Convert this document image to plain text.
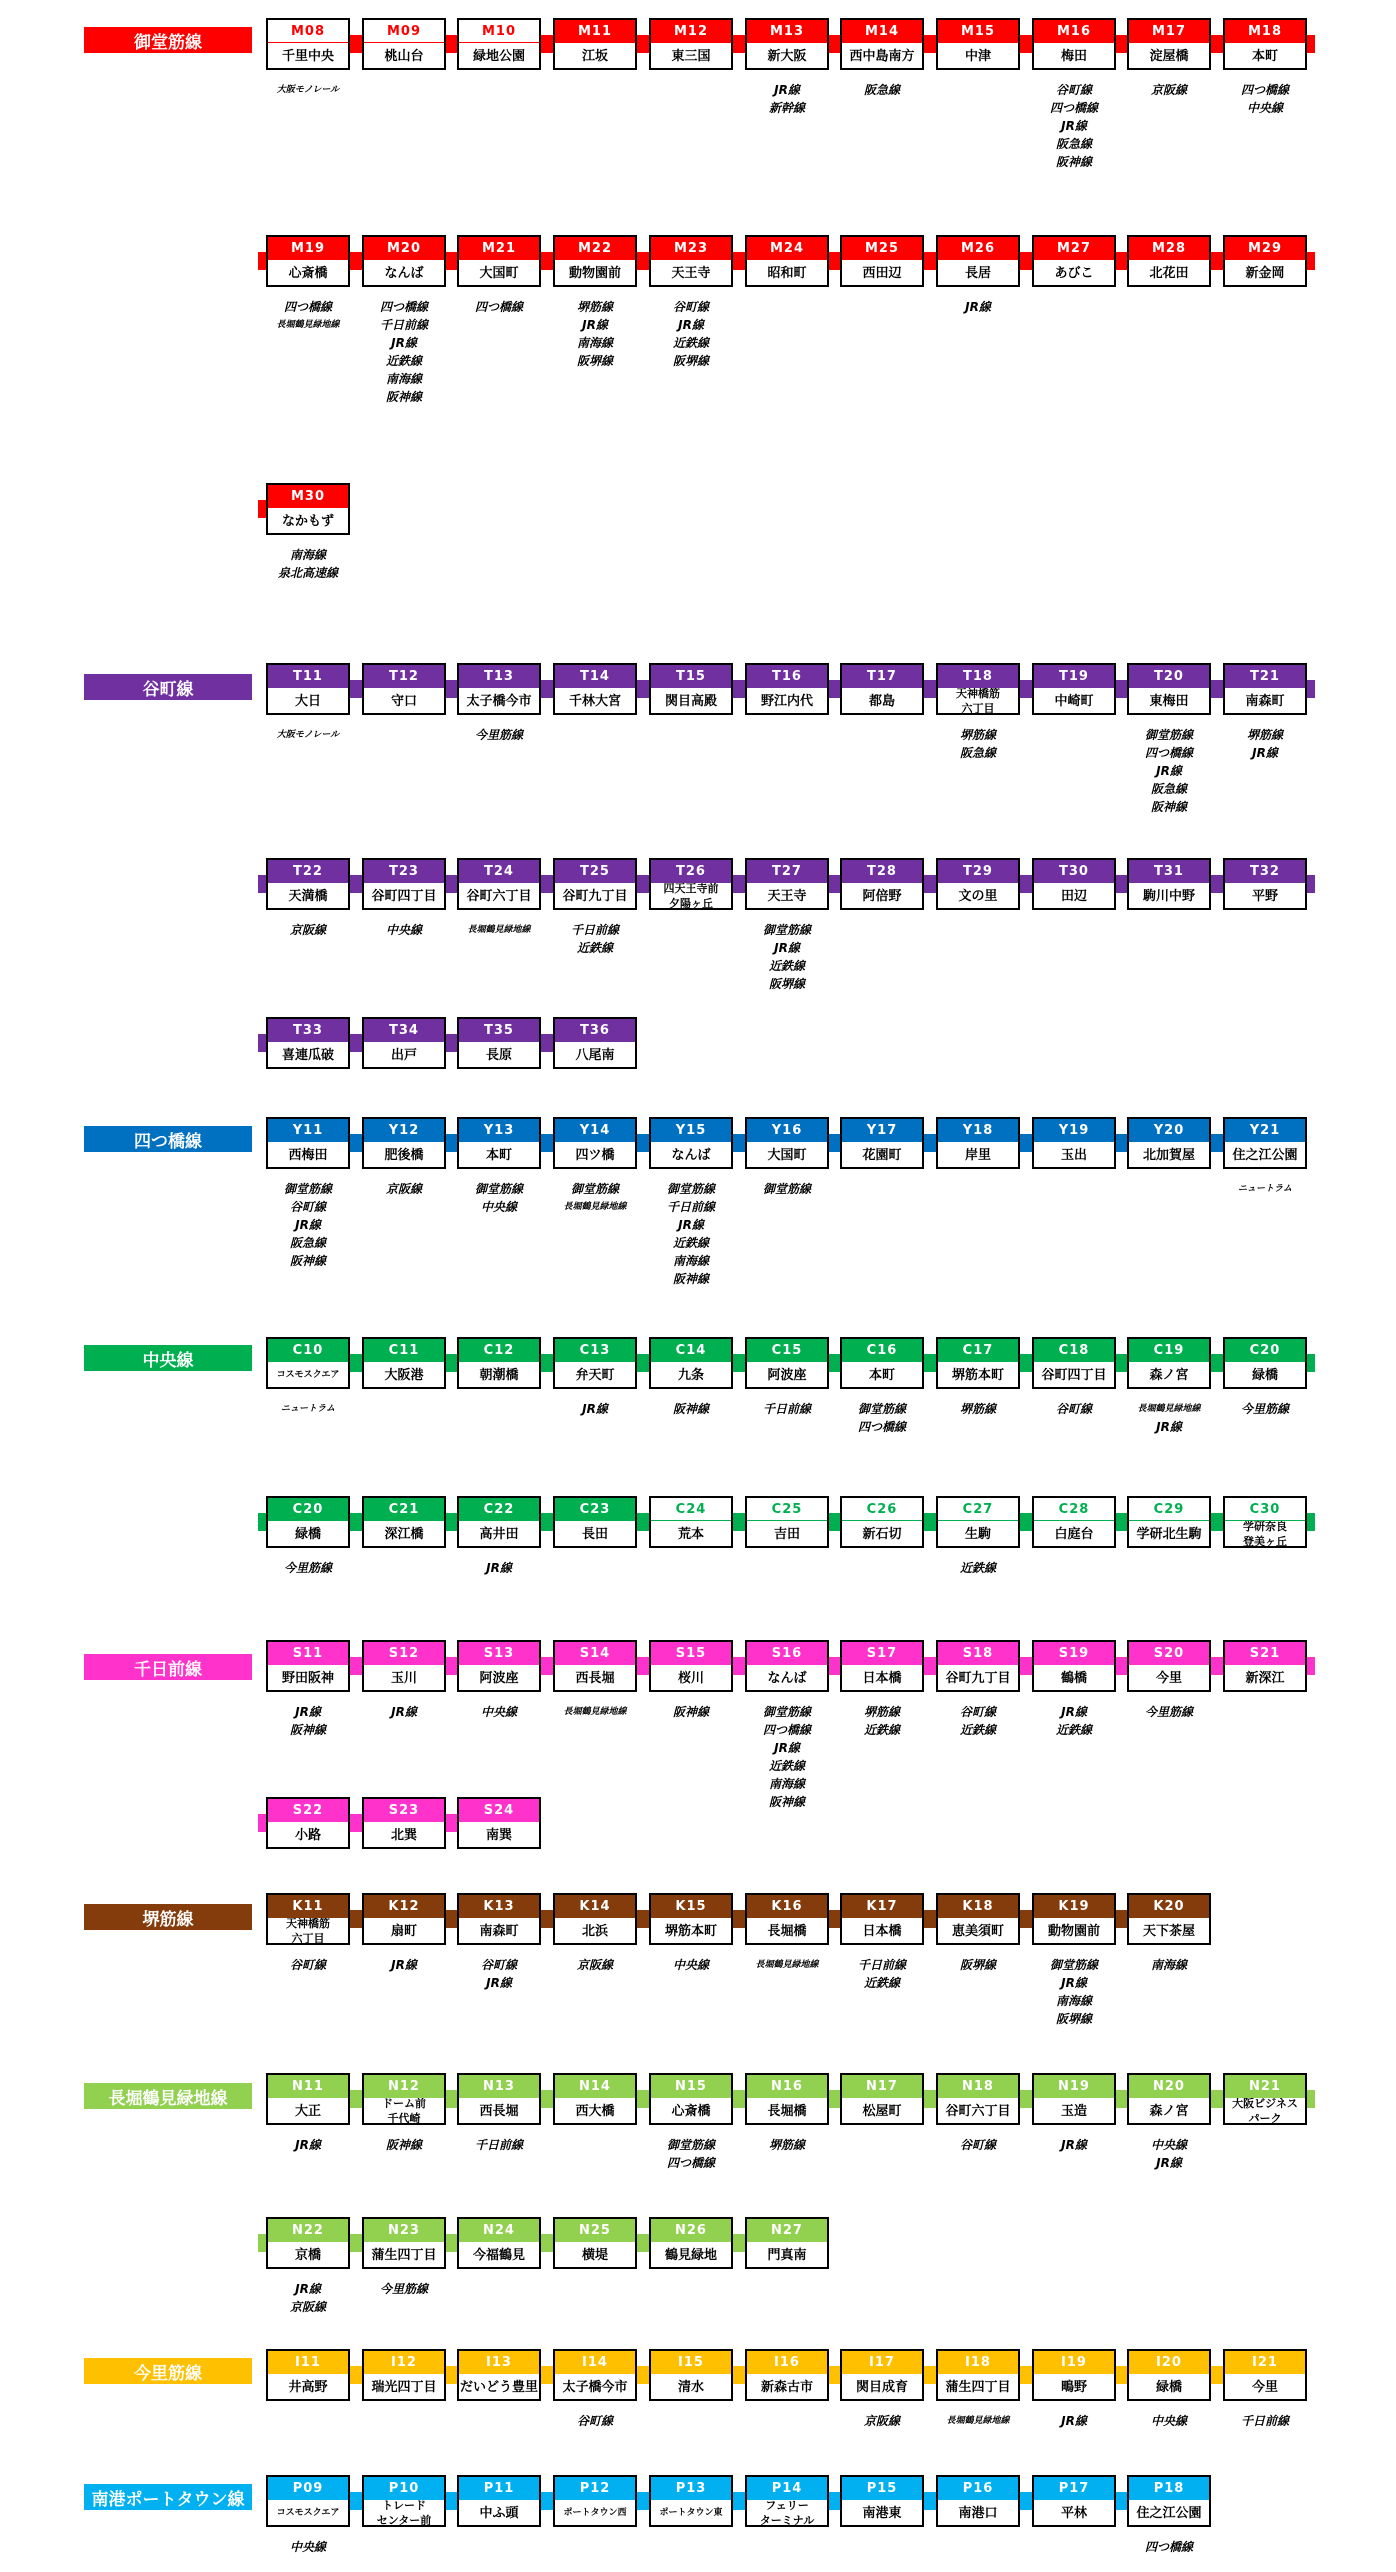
御堂筋線
M08
千里中央
大阪モノレール
M09
桃山台
M10
緑地公園
M11
江坂
M12
東三国
M13
新大阪
JR線
新幹線
M14
西中島南方
阪急線
M15
中津
M16
梅田
谷町線
四つ橋線
JR線
阪急線
阪神線
M17
淀屋橋
京阪線
M18
本町
四つ橋線
中央線
M19
心斎橋
四つ橋線
長堀鶴見緑地線
M20
なんば
四つ橋線
千日前線
JR線
近鉄線
南海線
阪神線
M21
大国町
四つ橋線
M22
動物園前
堺筋線
JR線
南海線
阪堺線
M23
天王寺
谷町線
JR線
近鉄線
阪堺線
M24
昭和町
M25
西田辺
M26
長居
JR線
M27
あびこ
M28
北花田
M29
新金岡
M30
なかもず
南海線
泉北高速線
谷町線
T11
大日
大阪モノレール
T12
守口
T13
太子橋今市
今里筋線
T14
千林大宮
T15
関目高殿
T16
野江内代
T17
都島
T18
天神橋筋
六丁目
堺筋線
阪急線
T19
中崎町
T20
東梅田
御堂筋線
四つ橋線
JR線
阪急線
阪神線
T21
南森町
堺筋線
JR線
T22
天満橋
京阪線
T23
谷町四丁目
中央線
T24
谷町六丁目
長堀鶴見緑地線
T25
谷町九丁目
千日前線
近鉄線
T26
四天王寺前
夕陽ヶ丘
T27
天王寺
御堂筋線
JR線
近鉄線
阪堺線
T28
阿倍野
T29
文の里
T30
田辺
T31
駒川中野
T32
平野
T33
喜連瓜破
T34
出戸
T35
長原
T36
八尾南
四つ橋線
Y11
西梅田
御堂筋線
谷町線
JR線
阪急線
阪神線
Y12
肥後橋
京阪線
Y13
本町
御堂筋線
中央線
Y14
四ツ橋
御堂筋線
長堀鶴見緑地線
Y15
なんば
御堂筋線
千日前線
JR線
近鉄線
南海線
阪神線
Y16
大国町
御堂筋線
Y17
花園町
Y18
岸里
Y19
玉出
Y20
北加賀屋
Y21
住之江公園
ニュートラム
中央線
C10
コスモスクエア
ニュートラム
C11
大阪港
C12
朝潮橋
C13
弁天町
JR線
C14
九条
阪神線
C15
阿波座
千日前線
C16
本町
御堂筋線
四つ橋線
C17
堺筋本町
堺筋線
C18
谷町四丁目
谷町線
C19
森ノ宮
長堀鶴見緑地線
JR線
C20
緑橋
今里筋線
C20
緑橋
今里筋線
C21
深江橋
C22
高井田
JR線
C23
長田
C24
荒本
C25
吉田
C26
新石切
C27
生駒
近鉄線
C28
白庭台
C29
学研北生駒
C30
学研奈良
登美ヶ丘
千日前線
S11
野田阪神
JR線
阪神線
S12
玉川
JR線
S13
阿波座
中央線
S14
西長堀
長堀鶴見緑地線
S15
桜川
阪神線
S16
なんば
御堂筋線
四つ橋線
JR線
近鉄線
南海線
阪神線
S17
日本橋
堺筋線
近鉄線
S18
谷町九丁目
谷町線
近鉄線
S19
鶴橋
JR線
近鉄線
S20
今里
今里筋線
S21
新深江
S22
小路
S23
北巽
S24
南巽
堺筋線
K11
天神橋筋
六丁目
谷町線
K12
扇町
JR線
K13
南森町
谷町線
JR線
K14
北浜
京阪線
K15
堺筋本町
中央線
K16
長堀橋
長堀鶴見緑地線
K17
日本橋
千日前線
近鉄線
K18
恵美須町
阪堺線
K19
動物園前
御堂筋線
JR線
南海線
阪堺線
K20
天下茶屋
南海線
長堀鶴見緑地線
N11
大正
JR線
N12
ドーム前
千代崎
阪神線
N13
西長堀
千日前線
N14
西大橋
N15
心斎橋
御堂筋線
四つ橋線
N16
長堀橋
堺筋線
N17
松屋町
N18
谷町六丁目
谷町線
N19
玉造
JR線
N20
森ノ宮
中央線
JR線
N21
大阪ビジネス
パーク
N22
京橋
JR線
京阪線
N23
蒲生四丁目
今里筋線
N24
今福鶴見
N25
横堤
N26
鶴見緑地
N27
門真南
今里筋線
I11
井高野
I12
瑞光四丁目
I13
だいどう豊里
I14
太子橋今市
谷町線
I15
清水
I16
新森古市
I17
関目成育
京阪線
I18
蒲生四丁目
長堀鶴見緑地線
I19
鴫野
JR線
I20
緑橋
中央線
I21
今里
千日前線
南港ポートタウン線
P09
コスモスクエア
中央線
P10
トレード
センター前
P11
中ふ頭
P12
ポートタウン西
P13
ポートタウン東
P14
フェリー
ターミナル
P15
南港東
P16
南港口
P17
平林
P18
住之江公園
四つ橋線
